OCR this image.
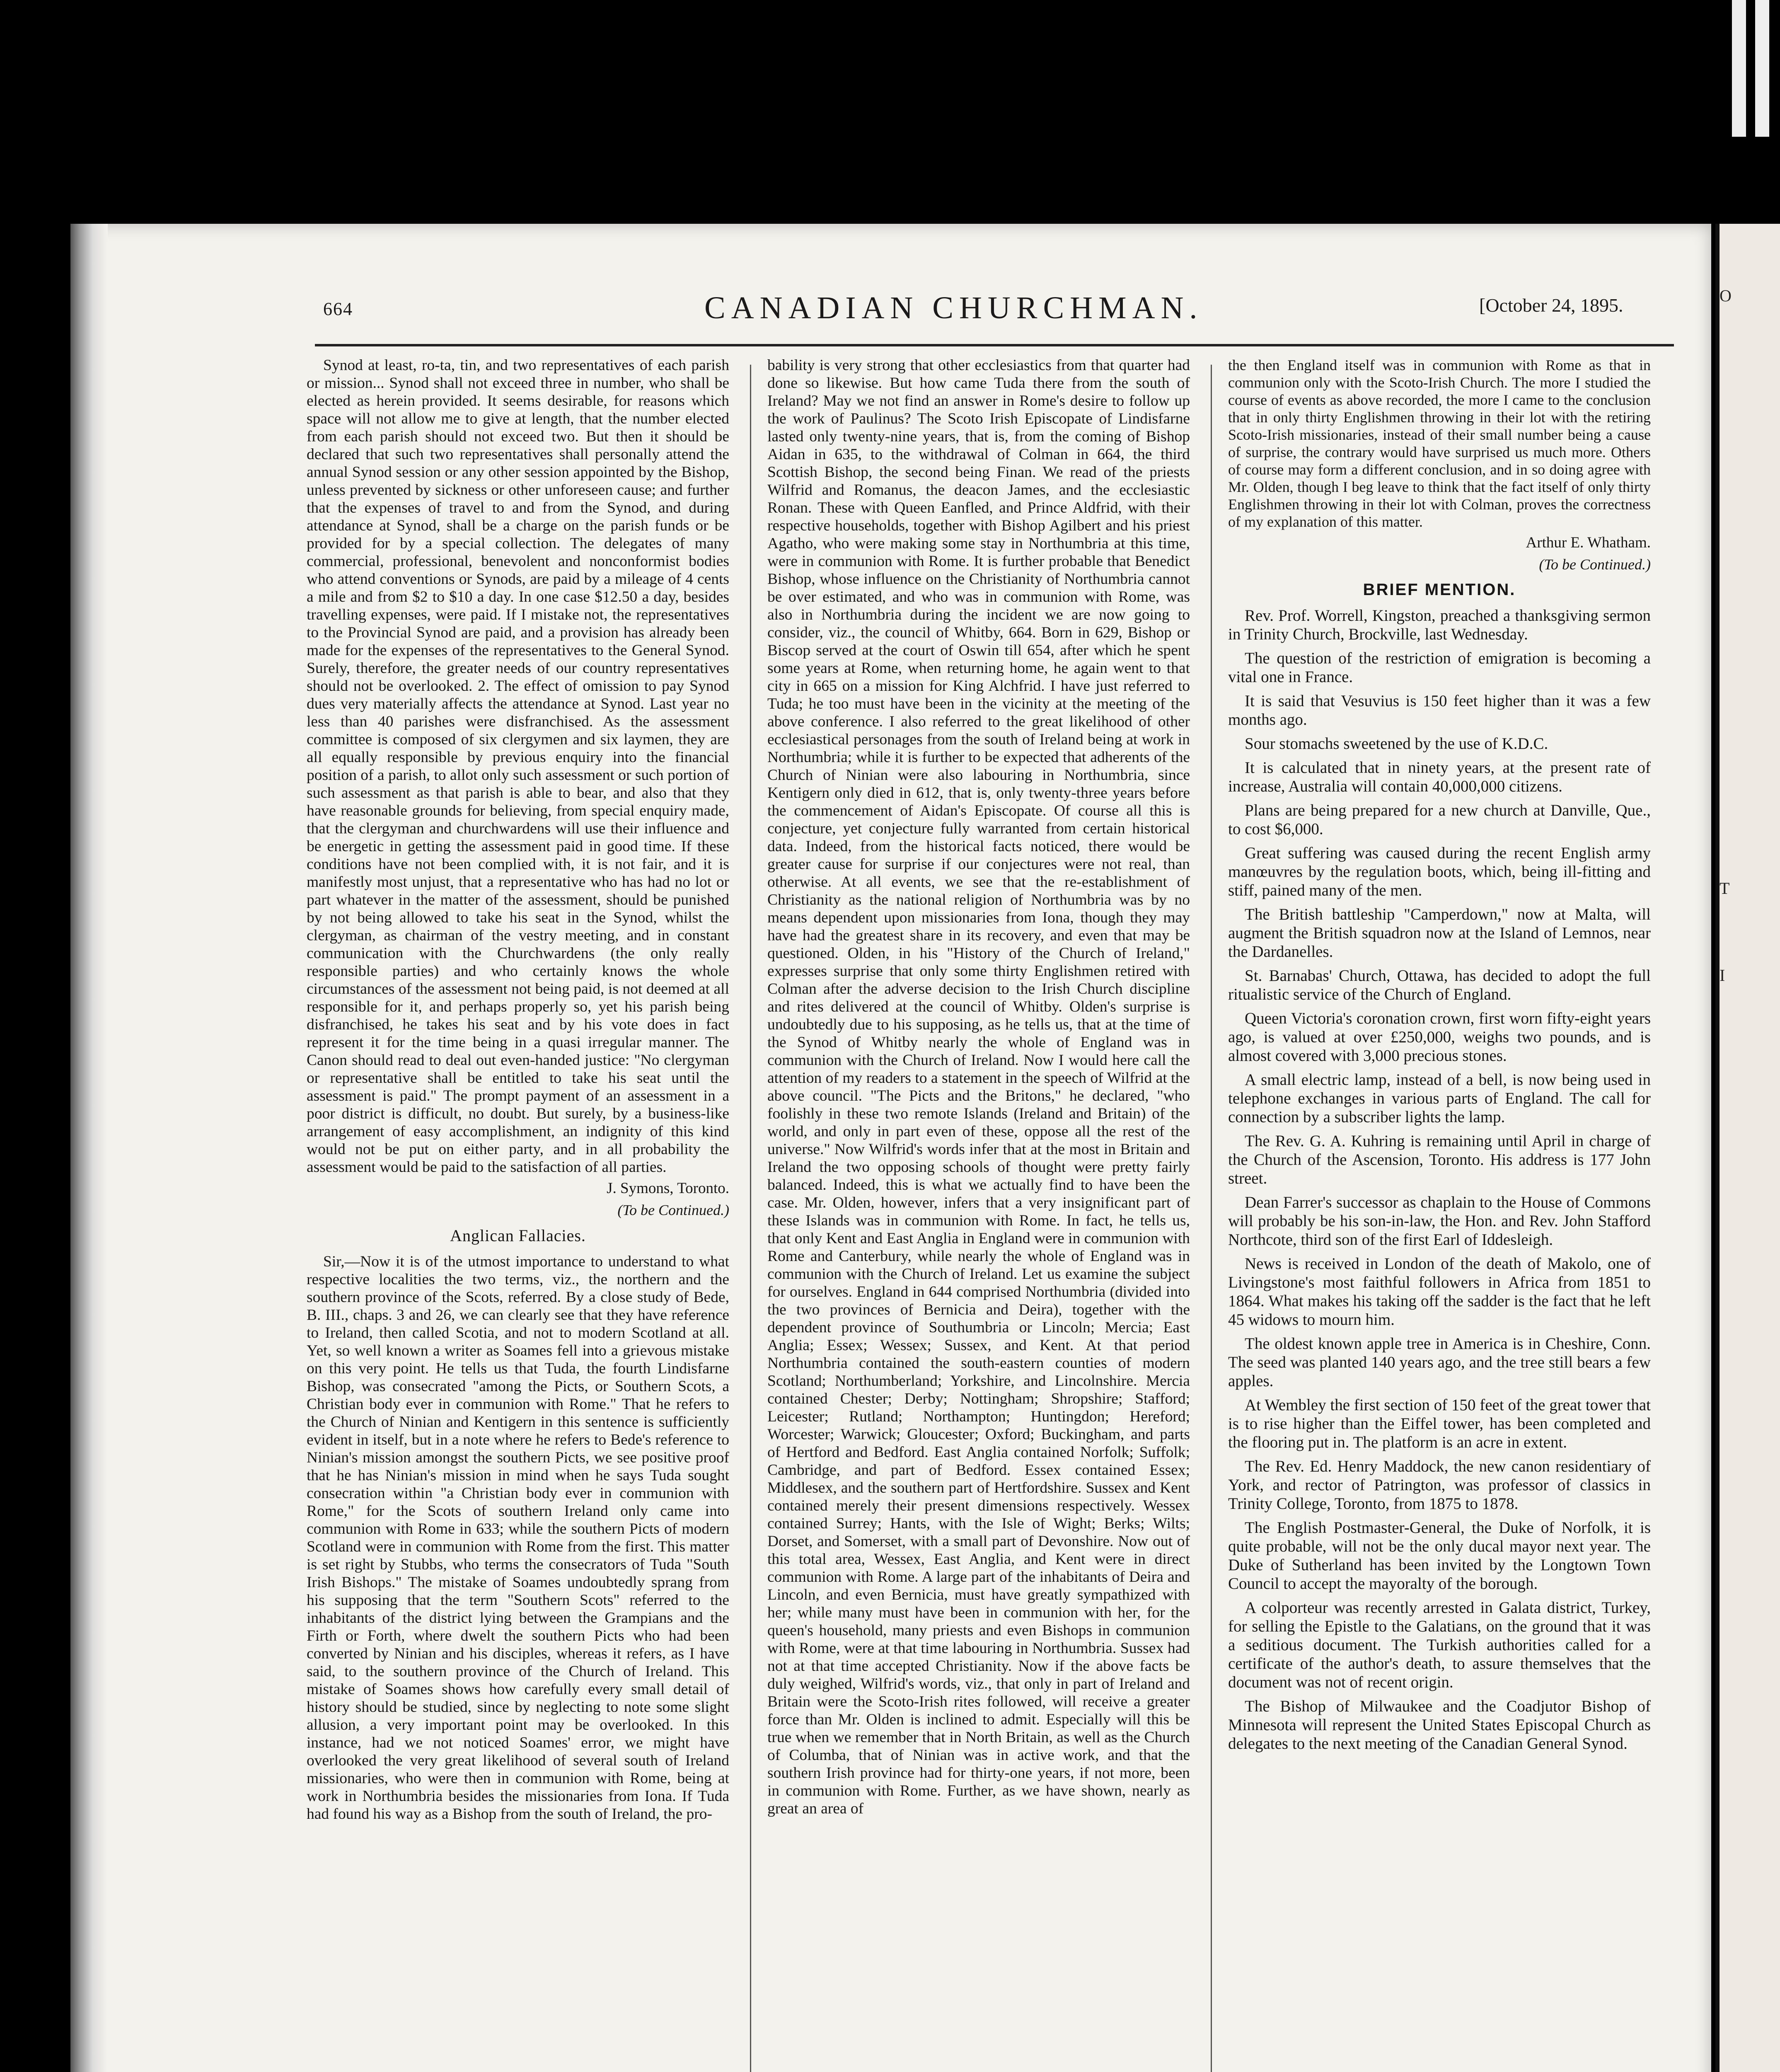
O
T
I
664	CANADIAN CHURCHMAN.	[October 24, 1895.

Synod at least, ro-ta, tin, and two representatives of each parish or mission... Synod shall not exceed three in number, who shall be elected as herein provided. It seems desirable, for reasons which space will not allow me to give at length, that the number elected from each parish should not exceed two. But then it should be declared that such two representatives shall personally attend the annual Synod session or any other session appointed by the Bishop, unless prevented by sickness or other unforeseen cause; and further that the expenses of travel to and from the Synod, and during attendance at Synod, shall be a charge on the parish funds or be provided for by a special collection. The delegates of many commercial, professional, benevolent and nonconformist bodies who attend conventions or Synods, are paid by a mileage of 4 cents a mile and from $2 to $10 a day. In one case $12.50 a day, besides travelling expenses, were paid. If I mistake not, the representatives to the Provincial Synod are paid, and a provision has already been made for the expenses of the representatives to the General Synod. Surely, therefore, the greater needs of our country representatives should not be overlooked. 2. The effect of omission to pay Synod dues very materially affects the attendance at Synod. Last year no less than 40 parishes were disfranchised. As the assessment committee is composed of six clergymen and six laymen, they are all equally responsible by previous enquiry into the financial position of a parish, to allot only such assessment or such portion of such assessment as that parish is able to bear, and also that they have reasonable grounds for believing, from special enquiry made, that the clergyman and churchwardens will use their influence and be energetic in getting the assessment paid in good time. If these conditions have not been complied with, it is not fair, and it is manifestly most unjust, that a representative who has had no lot or part whatever in the matter of the assessment, should be punished by not being allowed to take his seat in the Synod, whilst the clergyman, as chairman of the vestry meeting, and in constant communication with the Churchwardens (the only really responsible parties) and who certainly knows the whole circumstances of the assessment not being paid, is not deemed at all responsible for it, and perhaps properly so, yet his parish being disfranchised, he takes his seat and by his vote does in fact represent it for the time being in a quasi irregular manner. The Canon should read to deal out even-handed justice: "No clergyman or representative shall be entitled to take his seat until the assessment is paid." The prompt payment of an assessment in a poor district is difficult, no doubt. But surely, by a business-like arrangement of easy accomplishment, an indignity of this kind would not be put on either party, and in all probability the assessment would be paid to the satisfaction of all parties.

J. Symons, Toronto.
(To be Continued.)
Anglican Fallacies.

Sir,—Now it is of the utmost importance to understand to what respective localities the two terms, viz., the northern and the southern province of the Scots, referred. By a close study of Bede, B. III., chaps. 3 and 26, we can clearly see that they have reference to Ireland, then called Scotia, and not to modern Scotland at all. Yet, so well known a writer as Soames fell into a grievous mistake on this very point. He tells us that Tuda, the fourth Lindisfarne Bishop, was consecrated "among the Picts, or Southern Scots, a Christian body ever in communion with Rome." That he refers to the Church of Ninian and Kentigern in this sentence is sufficiently evident in itself, but in a note where he refers to Bede's reference to Ninian's mission amongst the southern Picts, we see positive proof that he has Ninian's mission in mind when he says Tuda sought consecration within "a Christian body ever in communion with Rome," for the Scots of southern Ireland only came into communion with Rome in 633; while the southern Picts of modern Scotland were in communion with Rome from the first. This matter is set right by Stubbs, who terms the consecrators of Tuda "South Irish Bishops." The mistake of Soames undoubtedly sprang from his supposing that the term "Southern Scots" referred to the inhabitants of the district lying between the Grampians and the Firth or Forth, where dwelt the southern Picts who had been converted by Ninian and his disciples, whereas it refers, as I have said, to the southern province of the Church of Ireland. This mistake of Soames shows how carefully every small detail of history should be studied, since by neglecting to note some slight allusion, a very important point may be overlooked. In this instance, had we not noticed Soames' error, we might have overlooked the very great likelihood of several south of Ireland missionaries, who were then in communion with Rome, being at work in Northumbria besides the missionaries from Iona. If Tuda had found his way as a Bishop from the south of Ireland, the pro-

bability is very strong that other ecclesiastics from that quarter had done so likewise. But how came Tuda there from the south of Ireland? May we not find an answer in Rome's desire to follow up the work of Paulinus? The Scoto Irish Episcopate of Lindisfarne lasted only twenty-nine years, that is, from the coming of Bishop Aidan in 635, to the withdrawal of Colman in 664, the third Scottish Bishop, the second being Finan. We read of the priests Wilfrid and Romanus, the deacon James, and the ecclesiastic Ronan. These with Queen Eanfled, and Prince Aldfrid, with their respective households, together with Bishop Agilbert and his priest Agatho, who were making some stay in Northumbria at this time, were in communion with Rome. It is further probable that Benedict Bishop, whose influence on the Christianity of Northumbria cannot be over estimated, and who was in communion with Rome, was also in Northumbria during the incident we are now going to consider, viz., the council of Whitby, 664. Born in 629, Bishop or Biscop served at the court of Oswin till 654, after which he spent some years at Rome, when returning home, he again went to that city in 665 on a mission for King Alchfrid. I have just referred to Tuda; he too must have been in the vicinity at the meeting of the above conference. I also referred to the great likelihood of other ecclesiastical personages from the south of Ireland being at work in Northumbria; while it is further to be expected that adherents of the Church of Ninian were also labouring in Northumbria, since Kentigern only died in 612, that is, only twenty-three years before the commencement of Aidan's Episcopate. Of course all this is conjecture, yet conjecture fully warranted from certain historical data. Indeed, from the historical facts noticed, there would be greater cause for surprise if our conjectures were not real, than otherwise. At all events, we see that the re-establishment of Christianity as the national religion of Northumbria was by no means dependent upon missionaries from Iona, though they may have had the greatest share in its recovery, and even that may be questioned. Olden, in his "History of the Church of Ireland," expresses surprise that only some thirty Englishmen retired with Colman after the adverse decision to the Irish Church discipline and rites delivered at the council of Whitby. Olden's surprise is undoubtedly due to his supposing, as he tells us, that at the time of the Synod of Whitby nearly the whole of England was in communion with the Church of Ireland. Now I would here call the attention of my readers to a statement in the speech of Wilfrid at the above council. "The Picts and the Britons," he declared, "who foolishly in these two remote Islands (Ireland and Britain) of the world, and only in part even of these, oppose all the rest of the universe." Now Wilfrid's words infer that at the most in Britain and Ireland the two opposing schools of thought were pretty fairly balanced. Indeed, this is what we actually find to have been the case. Mr. Olden, however, infers that a very insignificant part of these Islands was in communion with Rome. In fact, he tells us, that only Kent and East Anglia in England were in communion with Rome and Canterbury, while nearly the whole of England was in communion with the Church of Ireland. Let us examine the subject for ourselves. England in 644 comprised Northumbria (divided into the two provinces of Bernicia and Deira), together with the dependent province of Southumbria or Lincoln; Mercia; East Anglia; Essex; Wessex; Sussex, and Kent. At that period Northumbria contained the south-eastern counties of modern Scotland; Northumberland; Yorkshire, and Lincolnshire. Mercia contained Chester; Derby; Nottingham; Shropshire; Stafford; Leicester; Rutland; Northampton; Huntingdon; Hereford; Worcester; Warwick; Gloucester; Oxford; Buckingham, and parts of Hertford and Bedford. East Anglia contained Norfolk; Suffolk; Cambridge, and part of Bedford. Essex contained Essex; Middlesex, and the southern part of Hertfordshire. Sussex and Kent contained merely their present dimensions respectively. Wessex contained Surrey; Hants, with the Isle of Wight; Berks; Wilts; Dorset, and Somerset, with a small part of Devonshire. Now out of this total area, Wessex, East Anglia, and Kent were in direct communion with Rome. A large part of the inhabitants of Deira and Lincoln, and even Bernicia, must have greatly sympathized with her; while many must have been in communion with her, for the queen's household, many priests and even Bishops in communion with Rome, were at that time labouring in Northumbria. Sussex had not at that time accepted Christianity. Now if the above facts be duly weighed, Wilfrid's words, viz., that only in part of Ireland and Britain were the Scoto-Irish rites followed, will receive a greater force than Mr. Olden is inclined to admit. Especially will this be true when we remember that in North Britain, as well as the Church of Columba, that of Ninian was in active work, and that the southern Irish province had for thirty-one years, if not more, been in communion with Rome. Further, as we have shown, nearly as great an area of

the then England itself was in communion with Rome as that in communion only with the Scoto-Irish Church. The more I studied the course of events as above recorded, the more I came to the conclusion that in only thirty Englishmen throwing in their lot with the retiring Scoto-Irish missionaries, instead of their small number being a cause of surprise, the contrary would have surprised us much more. Others of course may form a different conclusion, and in so doing agree with Mr. Olden, though I beg leave to think that the fact itself of only thirty Englishmen throwing in their lot with Colman, proves the correctness of my explanation of this matter.

Arthur E. Whatham.
(To be Continued.)
BRIEF MENTION.

Rev. Prof. Worrell, Kingston, preached a thanksgiving sermon in Trinity Church, Brockville, last Wednesday.

The question of the restriction of emigration is becoming a vital one in France.

It is said that Vesuvius is 150 feet higher than it was a few months ago.

Sour stomachs sweetened by the use of K.D.C.

It is calculated that in ninety years, at the present rate of increase, Australia will contain 40,000,000 citizens.

Plans are being prepared for a new church at Danville, Que., to cost $6,000.

Great suffering was caused during the recent English army manœuvres by the regulation boots, which, being ill-fitting and stiff, pained many of the men.

The British battleship "Camperdown," now at Malta, will augment the British squadron now at the Island of Lemnos, near the Dardanelles.

St. Barnabas' Church, Ottawa, has decided to adopt the full ritualistic service of the Church of England.

Queen Victoria's coronation crown, first worn fifty-eight years ago, is valued at over £250,000, weighs two pounds, and is almost covered with 3,000 precious stones.

A small electric lamp, instead of a bell, is now being used in telephone exchanges in various parts of England. The call for connection by a subscriber lights the lamp.

The Rev. G. A. Kuhring is remaining until April in charge of the Church of the Ascension, Toronto. His address is 177 John street.

Dean Farrer's successor as chaplain to the House of Commons will probably be his son-in-law, the Hon. and Rev. John Stafford Northcote, third son of the first Earl of Iddesleigh.

News is received in London of the death of Makolo, one of Livingstone's most faithful followers in Africa from 1851 to 1864. What makes his taking off the sadder is the fact that he left 45 widows to mourn him.

The oldest known apple tree in America is in Cheshire, Conn. The seed was planted 140 years ago, and the tree still bears a few apples.

At Wembley the first section of 150 feet of the great tower that is to rise higher than the Eiffel tower, has been completed and the flooring put in. The platform is an acre in extent.

The Rev. Ed. Henry Maddock, the new canon residentiary of York, and rector of Patrington, was professor of classics in Trinity College, Toronto, from 1875 to 1878.

The English Postmaster-General, the Duke of Norfolk, it is quite probable, will not be the only ducal mayor next year. The Duke of Sutherland has been invited by the Longtown Town Council to accept the mayoralty of the borough.

A colporteur was recently arrested in Galata district, Turkey, for selling the Epistle to the Galatians, on the ground that it was a seditious document. The Turkish authorities called for a certificate of the author's death, to assure themselves that the document was not of recent origin.

The Bishop of Milwaukee and the Coadjutor Bishop of Minnesota will represent the United States Episcopal Church as delegates to the next meeting of the Canadian General Synod.
